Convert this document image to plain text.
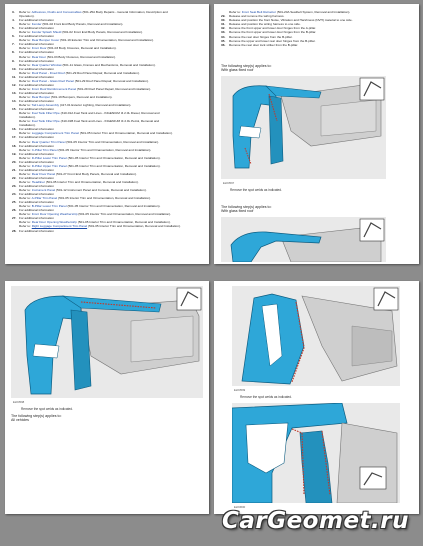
3. Refer to: Adhesives, Fluids and Consumables (501-25A Body Repairs - General Information, Description and
Operation).
4. For additional information
Refer to: Fender (501-02 Front End Body Panels, Removal and Installation).
5. For additional information
Refer to: Fender Splash Shield (501-02 Front End Body Panels, Removal and Installation).
6. For additional information
Refer to: Rear Bumper Cover (501-19 Exterior Trim and Ornamentation, Removal and Installation).
7. For additional information
Refer to: Front Door (501-03 Body Closures, Removal and Installation).
8. For additional information
Refer to: Rear Door (501-03 Body Closures, Removal and Installation).
9. For additional information
Refer to: Rear Quarter Window (501-11 Glass, Frames and Mechanisms, Removal and Installation).
10. For additional information
Refer to: Roof Panel - Fixed Roof (501-29 Roof Panel Repair, Removal and Installation).
11. For additional information
Refer to: Roof Panel - Glass Roof Panel (501-29 Roof Panel Repair, Removal and Installation).
12. For additional information
Refer to: Front Roof Reinforcement Panel (501-29 Roof Panel Repair, Removal and Installation).
13. For additional information
Refer to: Rear Bumper (501-19 Bumpers, Removal and Installation).
14. For additional information
Refer to: Tail Lamp Assembly (417-01 Exterior Lighting, Removal and Installation).
15. For additional information
Refer to: Fuel Tank Filler Pipe (310-01A Fuel Tank and Lines - INGENIUM I4 2.0L Diesel, Removal and
Installation).
Refer to: Fuel Tank Filler Pipe (310-01B Fuel Tank and Lines - INGENIUM I4 2.0L Petrol, Removal and
Installation).
16. For additional information
Refer to: Luggage Compartment Trim Panel (501-05 Interior Trim and Ornamentation, Removal and Installation).
17. For additional information
Refer to: Rear Quarter Trim Panel (501-05 Interior Trim and Ornamentation, Removal and Installation).
18. For additional information
Refer to: C-Pillar Trim Panel (501-05 Interior Trim and Ornamentation, Removal and Installation).
19. For additional information
Refer to: D-Pillar Lower Trim Panel (501-05 Interior Trim and Ornamentation, Removal and Installation).
20. For additional information
Refer to: D-Pillar Upper Trim Panel (501-05 Interior Trim and Ornamentation, Removal and Installation).
21. For additional information
Refer to: Rear Floor Panel (501-27 Front End Body Panels, Removal and Installation).
22. For additional information
Refer to: Headliner (501-05 Interior Trim and Ornamentation, Removal and Installation).
23. For additional information
Refer to: Instrument Panel (501-12 Instrument Panel and Console, Removal and Installation).
24. For additional information
Refer to: A-Pillar Trim Panel (501-05 Interior Trim and Ornamentation, Removal and Installation).
25. For additional information
Refer to: B-Pillar Lower Trim Panel (501-05 Interior Trim and Ornamentation, Removal and Installation).
26. For additional information
Refer to: Front Door Opening Weatherstrip (501-05 Interior Trim and Ornamentation, Removal and Installation).
27. For additional information
Refer to: Rear Door Opening Weatherstrip (501-05 Interior Trim and Ornamentation, Removal and Installation).
Refer to: Right Luggage Compartment Trim Panel (501-05 Interior Trim and Ornamentation, Removal and Installation).
28. For additional information
Refer to: Front Seat Belt Retractor (501-20A Seatbelt System, Removal and Installation).
29. Release and remove the wiring harness.
30. Release and position the front Noise, Vibration and Harshness (NVH) material to one side.
31. Release and position the wiring harness to one side.
32. Remove the front upper and lower door hinges from the A-pillar.
33. Remove the front upper and lower door hinges from the B-pillar.
34. Remove the rear door hinges from the B-pillar.
35. Remove the upper and lower rear door hinges from the B-pillar.
36. Remove the rear door lock striker from the B-pillar.
The following step(s) applies to:
With glass fixed roof
E223597
Remove the spot welds as indicated.
The following step(s) applies to:
With glass fixed roof
E223598
Remove the spot welds as indicated.
The following step(s) applies to:
All vehicles
E223599
Remove the spot welds as indicated.
E223600
CarGeomet.ru
